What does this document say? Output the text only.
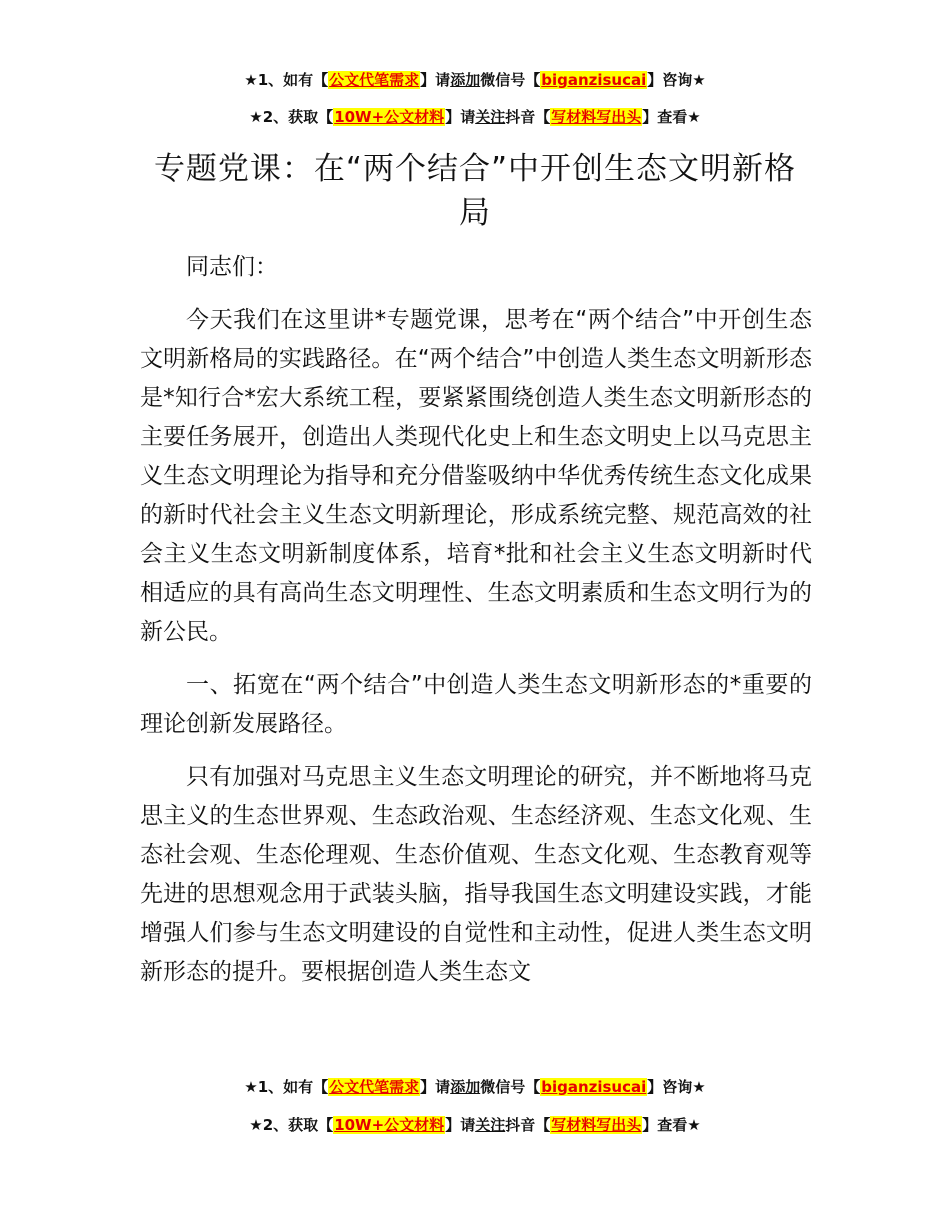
★1、如有【公文代笔需求】请添加微信号【biganzisucai】咨询★
★2、获取【10W+公文材料】请关注抖音【写材料写出头】查看★
专题党课：在“两个结合”中开创生态文明新格局

同志们：

今天我们在这里讲*专题党课，思考在“两个结合”中开创生态文明新格局的实践路径。在“两个结合”中创造人类生态文明新形态是*知行合*宏大系统工程，要紧紧围绕创造人类生态文明新形态的主要任务展开，创造出人类现代化史上和生态文明史上以马克思主义生态文明理论为指导和充分借鉴吸纳中华优秀传统生态文化成果的新时代社会主义生态文明新理论，形成系统完整、规范高效的社会主义生态文明新制度体系，培育*批和社会主义生态文明新时代相适应的具有高尚生态文明理性、生态文明素质和生态文明行为的新公民。

一、拓宽在“两个结合”中创造人类生态文明新形态的*重要的理论创新发展路径。

只有加强对马克思主义生态文明理论的研究，并不断地将马克思主义的生态世界观、生态政治观、生态经济观、生态文化观、生态社会观、生态伦理观、生态价值观、生态文化观、生态教育观等先进的思想观念用于武装头脑，指导我国生态文明建设实践，才能增强人们参与生态文明建设的自觉性和主动性，促进人类生态文明新形态的提升。要根据创造人类生态文

★1、如有【公文代笔需求】请添加微信号【biganzisucai】咨询★
★2、获取【10W+公文材料】请关注抖音【写材料写出头】查看★
